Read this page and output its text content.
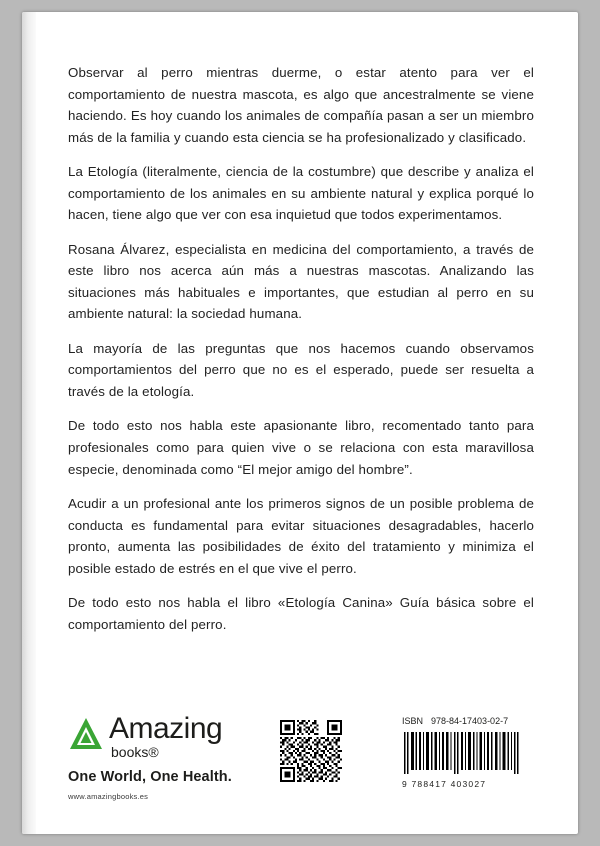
Observar al perro mientras duerme, o estar atento para ver el comportamiento de nuestra mascota, es algo que ancestralmente se viene haciendo. Es hoy cuando los animales de compañía pasan a ser un miembro más de la familia y cuando esta ciencia se ha profesionalizado y clasificado.

La Etología (literalmente, ciencia de la costumbre) que describe y analiza el comportamiento de los animales en su ambiente natural y explica porqué lo hacen, tiene algo que ver con esa inquietud que todos experimentamos.

Rosana Álvarez, especialista en medicina del comportamiento, a través de este libro nos acerca aún más a nuestras mascotas. Analizando las situaciones más habituales e importantes, que estudian al perro en su ambiente natural: la sociedad humana.

La mayoría de las preguntas que nos hacemos cuando observamos comportamientos del perro que no es el esperado, puede ser resuelta a través de la etología.

De todo esto nos habla este apasionante libro, recomentado tanto para profesionales como para quien vive o se relaciona con esta maravillosa especie, denominada como “El mejor amigo del hombre”.

Acudir a un profesional ante los primeros signos de un posible problema de conducta es fundamental para evitar situaciones desagradables, hacerlo pronto, aumenta las posibilidades de éxito del tratamiento y minimiza el posible estado de estrés en el que vive el perro.

De todo esto nos habla el libro «Etología Canina» Guía básica sobre el comportamiento del perro.

Amazing
books®
One World, One Health.
www.amazingbooks.es
ISBN 978-84-17403-02-7
9 788417 403027
